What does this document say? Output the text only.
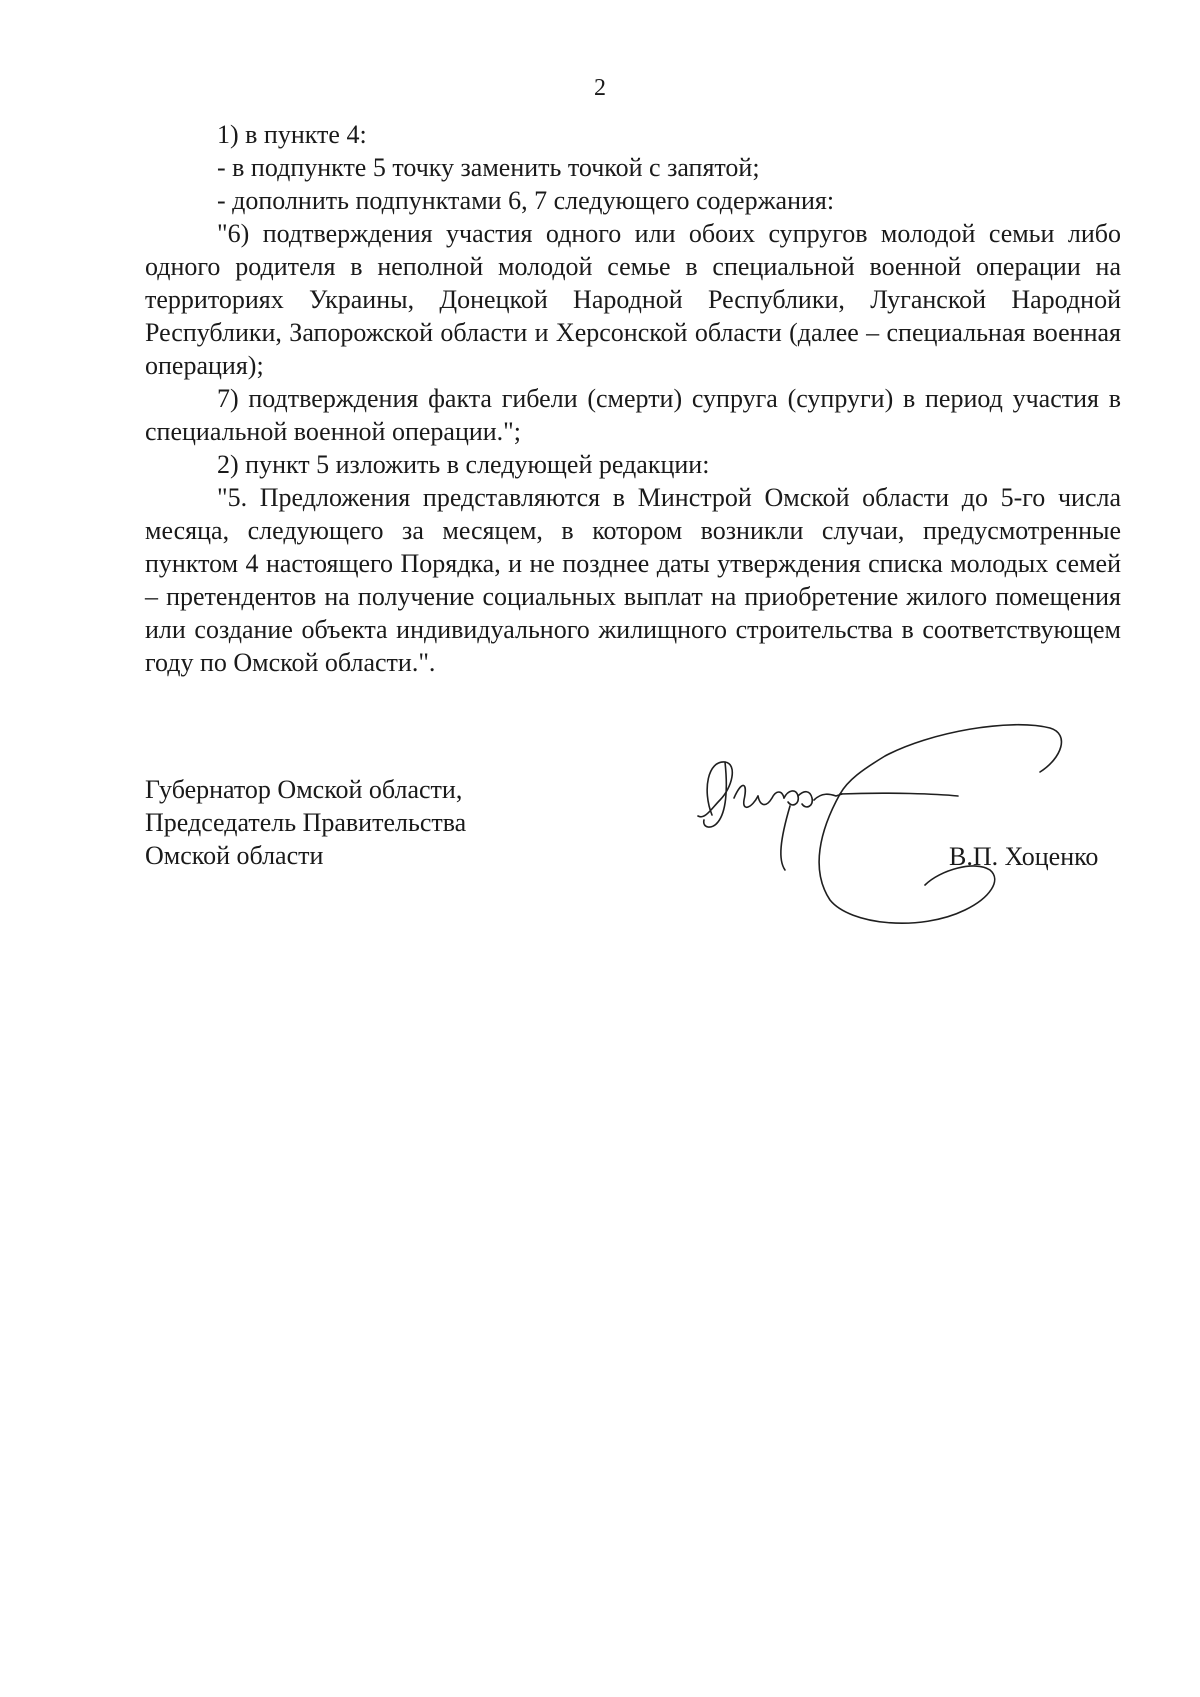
2

1) в пункте 4:

- в подпункте 5 точку заменить точкой с запятой;

- дополнить подпунктами 6, 7 следующего содержания:

"6) подтверждения участия одного или обоих супругов молодой семьи либо одного родителя в неполной молодой семье в специальной военной операции на территориях Украины, Донецкой Народной Республики, Луганской Народной Республики, Запорожской области и Херсонской области (далее – специальная военная операция);

7) подтверждения факта гибели (смерти) супруга (супруги) в период участия в специальной военной операции.";

2) пункт 5 изложить в следующей редакции:

"5. Предложения представляются в Минстрой Омской области до 5-го числа месяца, следующего за месяцем, в котором возникли случаи, предусмотренные пунктом 4 настоящего Порядка, и не позднее даты утверждения списка молодых семей – претендентов на получение социальных выплат на приобретение жилого помещения или создание объекта индивидуального жилищного строительства в соответствующем году по Омской области.".

Губернатор Омской области,
Председатель Правительства
Омской области	В.П. Хоценко
